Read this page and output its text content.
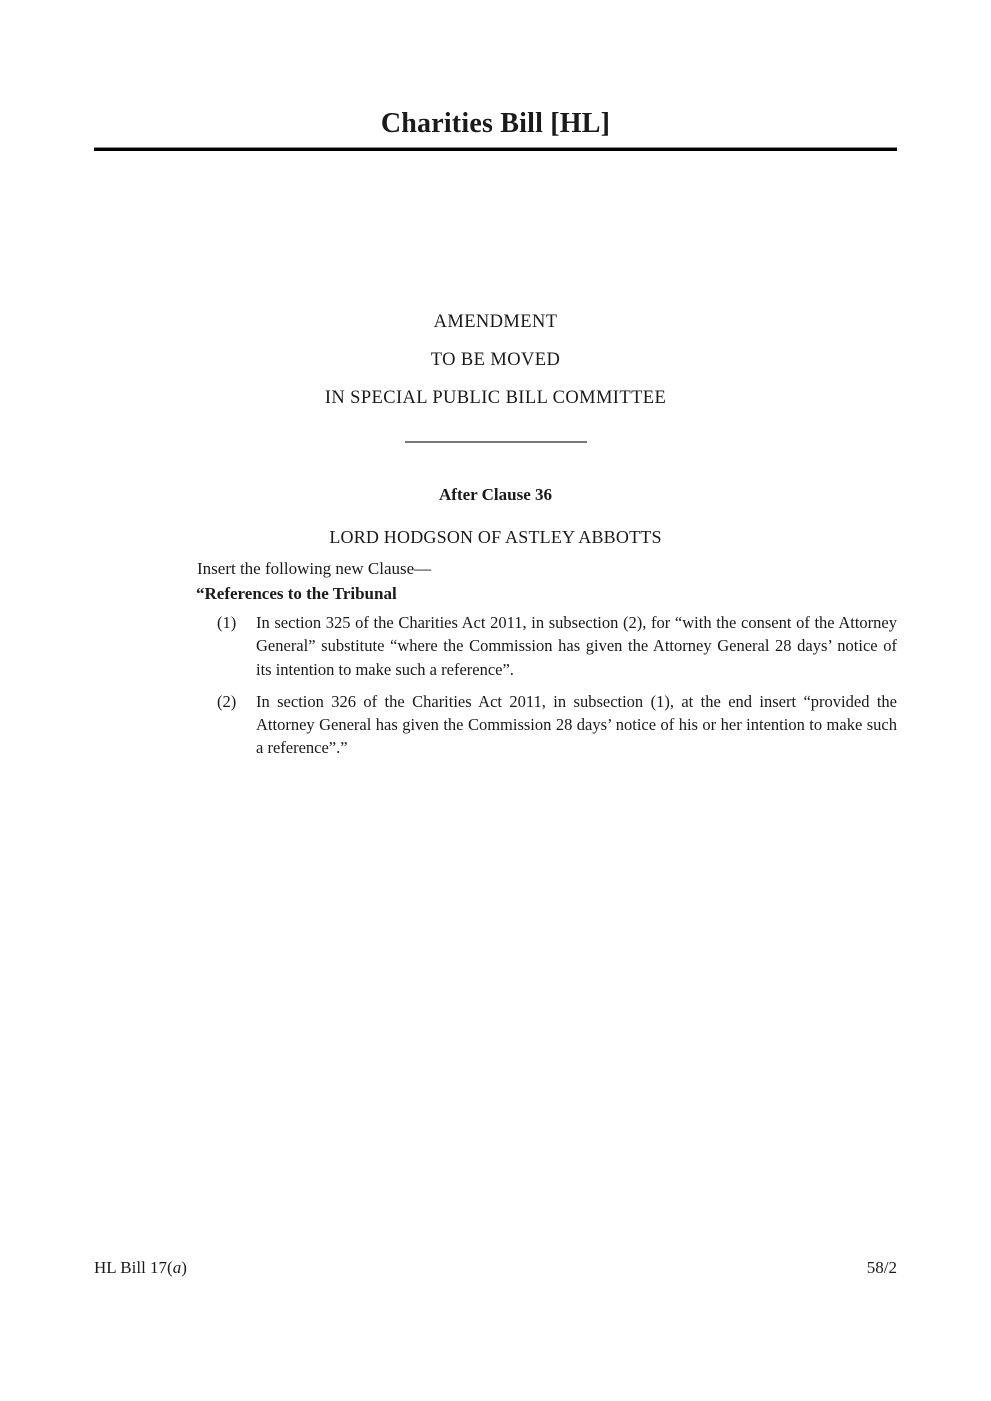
Charities Bill [HL]
AMENDMENT
TO BE MOVED
IN SPECIAL PUBLIC BILL COMMITTEE
After Clause 36
LORD HODGSON OF ASTLEY ABBOTTS
Insert the following new Clause—
“References to the Tribunal
(1) In section 325 of the Charities Act 2011, in subsection (2), for “with the consent of the Attorney General” substitute “where the Commission has given the Attorney General 28 days’ notice of its intention to make such a reference”.
(2) In section 326 of the Charities Act 2011, in subsection (1), at the end insert “provided the Attorney General has given the Commission 28 days’ notice of his or her intention to make such a reference”.”
HL Bill 17(a)	58/2
